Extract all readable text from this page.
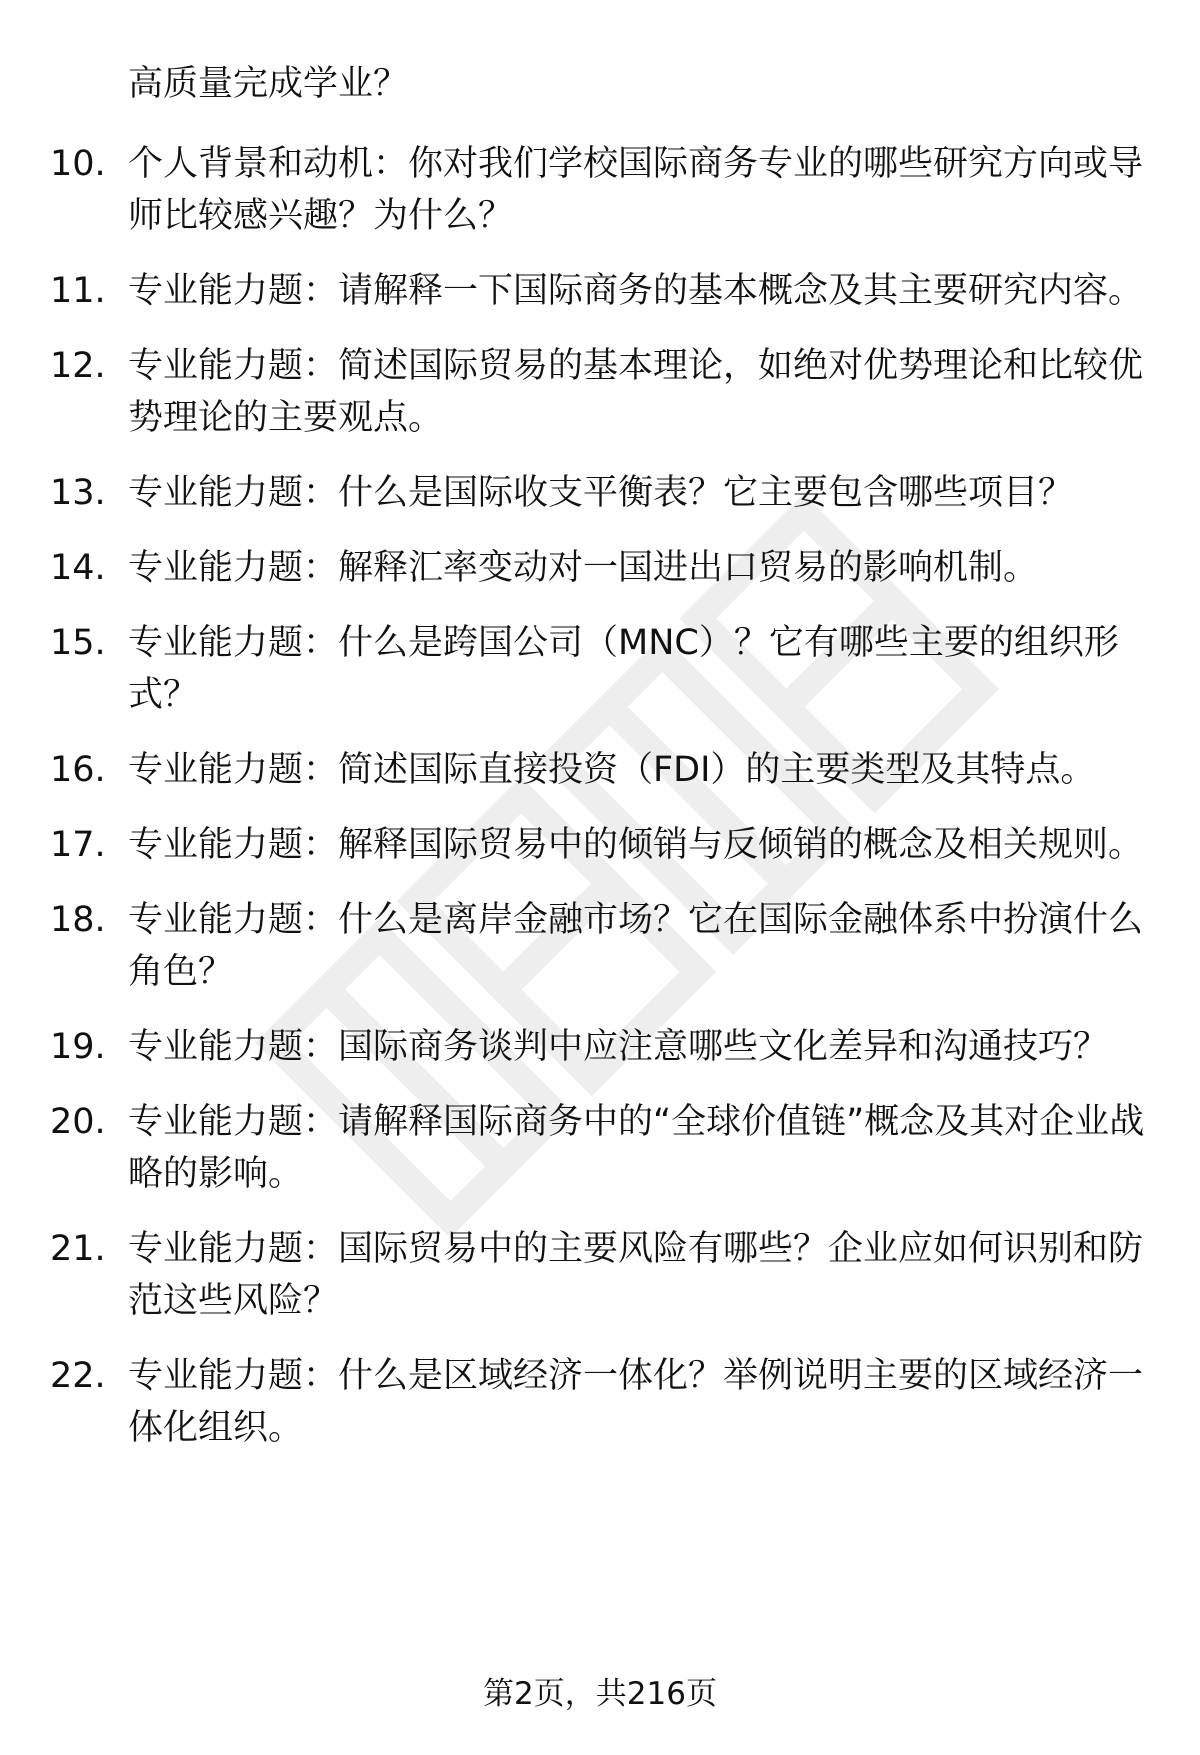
高质量完成学业？
10. 个人背景和动机：你对我们学校国际商务专业的哪些研究方向或导师比较感兴趣？为什么？
11. 专业能力题：请解释一下国际商务的基本概念及其主要研究内容。
12. 专业能力题：简述国际贸易的基本理论，如绝对优势理论和比较优势理论的主要观点。
13. 专业能力题：什么是国际收支平衡表？它主要包含哪些项目？
14. 专业能力题：解释汇率变动对一国进出口贸易的影响机制。
15. 专业能力题：什么是跨国公司（MNC）？它有哪些主要的组织形式？
16. 专业能力题：简述国际直接投资（FDI）的主要类型及其特点。
17. 专业能力题：解释国际贸易中的倾销与反倾销的概念及相关规则。
18. 专业能力题：什么是离岸金融市场？它在国际金融体系中扮演什么角色？
19. 专业能力题：国际商务谈判中应注意哪些文化差异和沟通技巧？
20. 专业能力题：请解释国际商务中的“全球价值链”概念及其对企业战略的影响。
21. 专业能力题：国际贸易中的主要风险有哪些？企业应如何识别和防范这些风险？
22. 专业能力题：什么是区域经济一体化？举例说明主要的区域经济一体化组织。
第2页，共216页
